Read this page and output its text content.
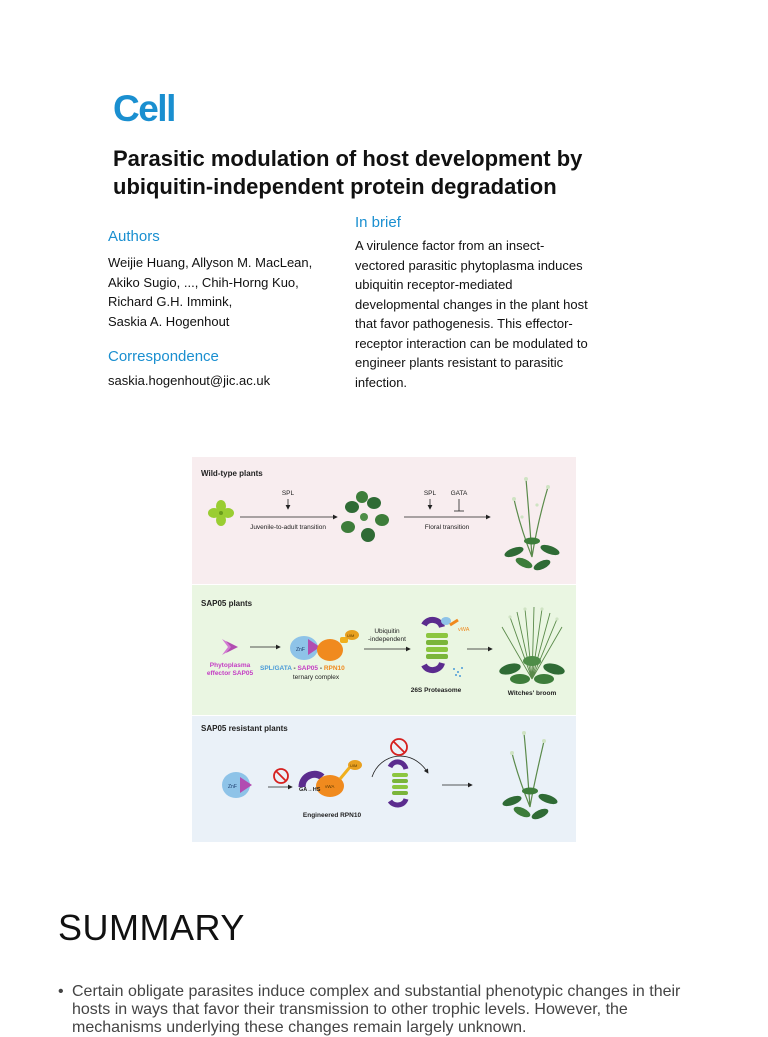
Cell
Parasitic modulation of host development by
ubiquitin-independent protein degradation
Authors
Weijie Huang, Allyson M. MacLean,
Akiko Sugio, ..., Chih-Horng Kuo,
Richard G.H. Immink,
Saskia A. Hogenhout
Correspondence
saskia.hogenhout@jic.ac.uk
In brief
A virulence factor from an insect-
vectored parasitic phytoplasma induces
ubiquitin receptor-mediated
developmental changes in the plant host
that favor pathogenesis. This effector-
receptor interaction can be modulated to
engineer plants resistant to parasitic
infection.
Wild-type plants
SPL
Juvenile-to-adult transition
SPL GATA
Floral transition
SAP05 plants
Phytoplasma
effector SAP05
ZnF
UIM
SPL/GATA - SAP05 - RPN10
ternary complex
Ubiquitin
-independent
vWA
26S Proteasome	Witches' broom
SAP05 resistant plants
ZnF
UIM
vWA
GA→HS
Engineered RPN10
SUMMARY
• Certain obligate parasites induce complex and substantial phenotypic changes in their
hosts in ways that favor their transmission to other trophic levels. However, the
mechanisms underlying these changes remain largely unknown.
